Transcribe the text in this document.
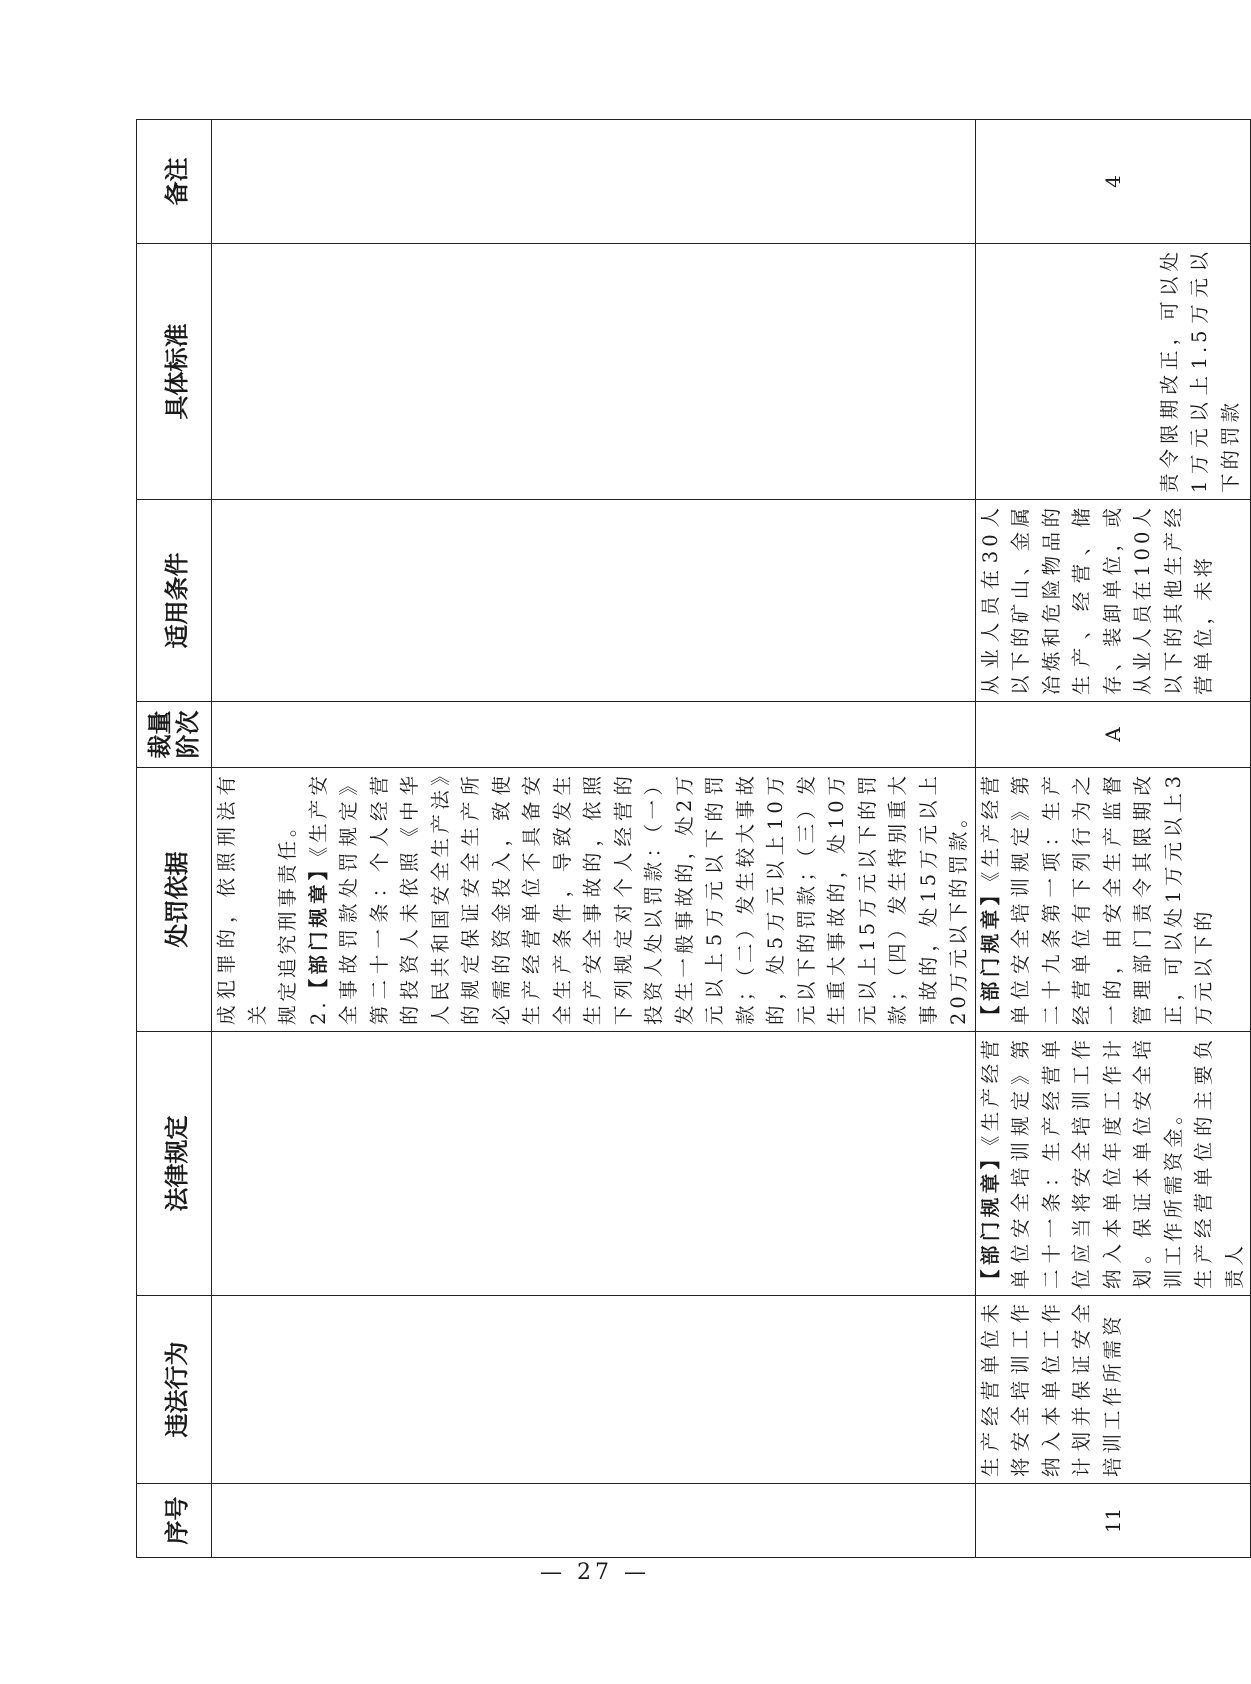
序号	违法行为	法律规定	处罚依据	裁量
阶次	适用条件	具体标准	备注

			成犯罪的，依照刑法有关 规定追究刑事责任。 2.【部门规章】《生产安全事故罚款处罚规定》第二十一条：个人经营的投资人未依照《中华人民共和国安全生产法》的规定保证安全生产所必需的资金投入，致使生产经营单位不具备安全生产条件，导致发生生产安全事故的，依照下列规定对个人经营的投资人处以罚款：（一）发生一般事故的，处2万元以上5万元以下的罚款；（二）发生较大事故的，处5万元以上10万元以下的罚款；（三）发生重大事故的，处10万元以上15万元以下的罚款；（四）发生特别重大事故的，处15万元以上20万元以下的罚款。				

11	生产经营单位未将安全培训工作纳入本单位工作计划并保证安全培训工作所需资	【部门规章】《生产经营单位安全培训规定》第二十一条：生产经营单位应当将安全培训工作纳入本单位年度工作计划。保证本单位安全培训工作所需资金。 生产经营单位的主要负责人	【部门规章】《生产经营单位安全培训规定》第二十九条第一项：生产经营单位有下列行为之一的，由安全生产监督管理部门责令其限期改正，可以处1万元以上3万元以下的	A	从业人员在30人以下的矿山、金属冶炼和危险物品的生产、经营、储存、装卸单位，或从业人员在100人以下的其他生产经营单位，未将	责令限期改正，可以处1万元以上1.5万元以下的罚款	4
— 27 —
